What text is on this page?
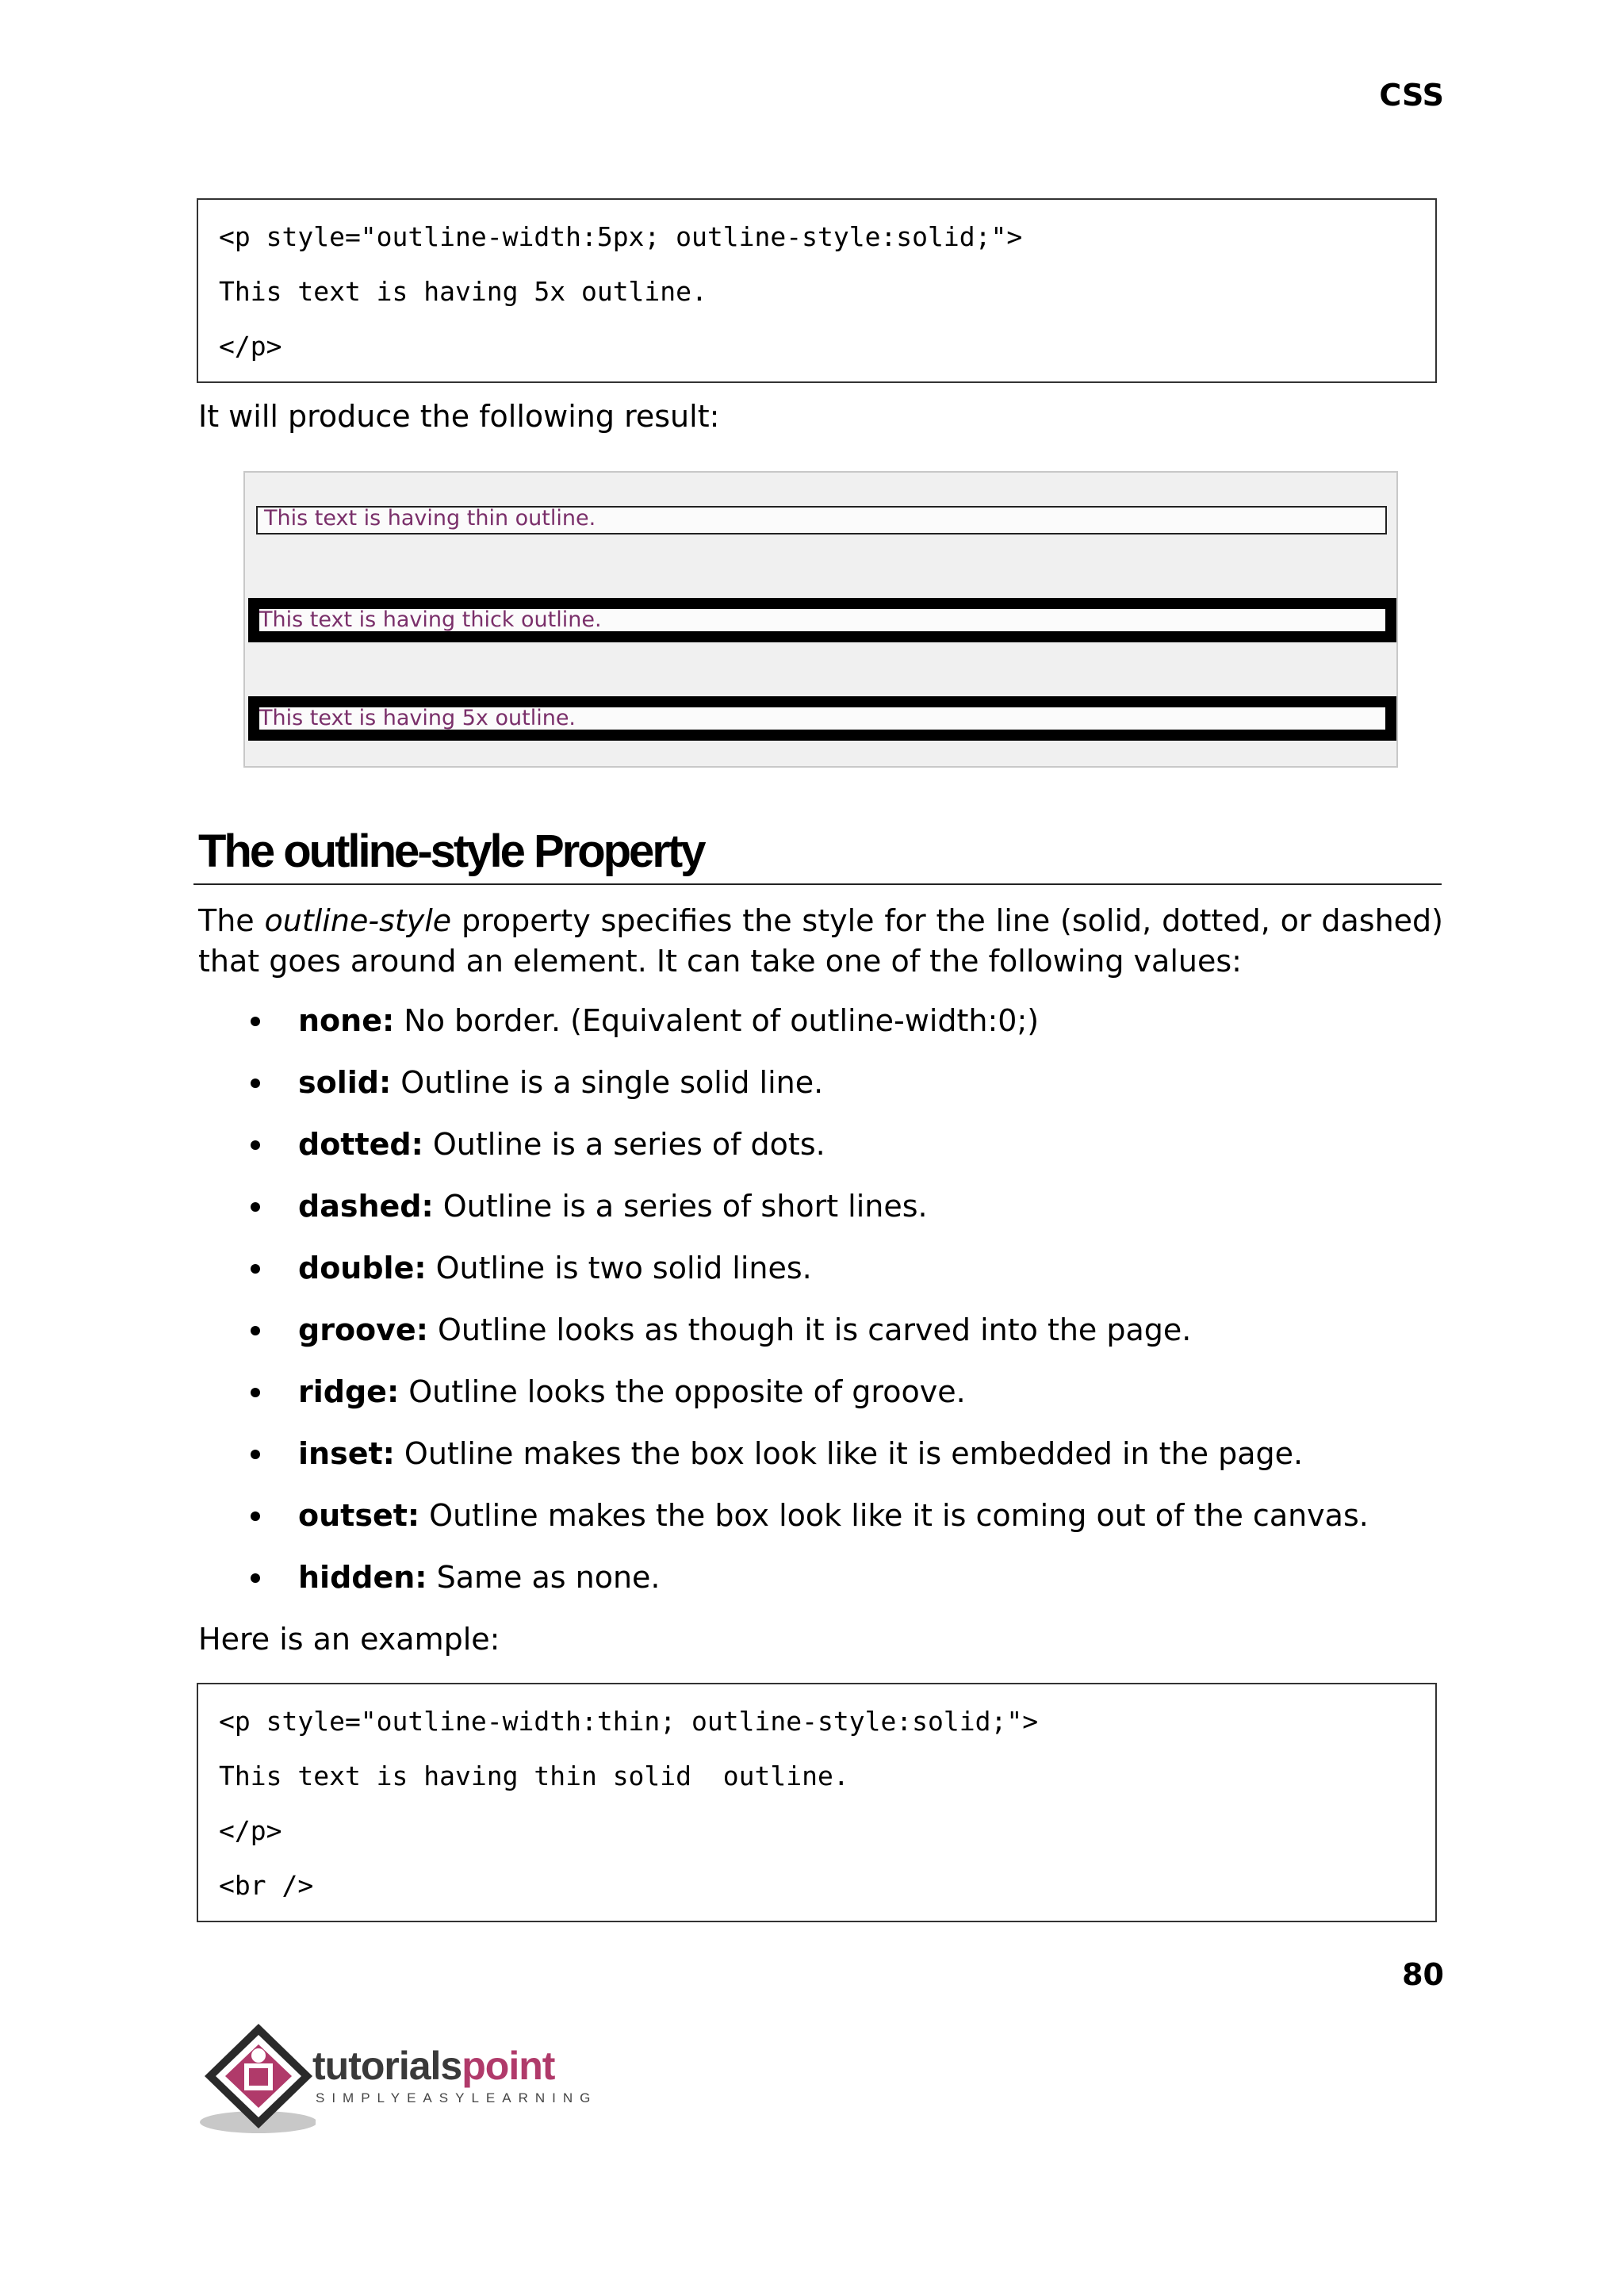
CSS
<p style="outline-width:5px; outline-style:solid;">
This text is having 5x outline.
</p>
It will produce the following result:
This text is having thin outline.
This text is having thick outline.
This text is having 5x outline.
The outline-style Property
The outline-style property specifies the style for the line (solid, dotted, or dashed) that goes around an element. It can take one of the following values:
none: No border. (Equivalent of outline-width:0;)
solid: Outline is a single solid line.
dotted: Outline is a series of dots.
dashed: Outline is a series of short lines.
double: Outline is two solid lines.
groove: Outline looks as though it is carved into the page.
ridge: Outline looks the opposite of groove.
inset: Outline makes the box look like it is embedded in the page.
outset: Outline makes the box look like it is coming out of the canvas.
hidden: Same as none.
Here is an example:
<p style="outline-width:thin; outline-style:solid;">
This text is having thin solid  outline.
</p>
<br />
80
tutorialspoint
SIMPLYEASYLEARNING
